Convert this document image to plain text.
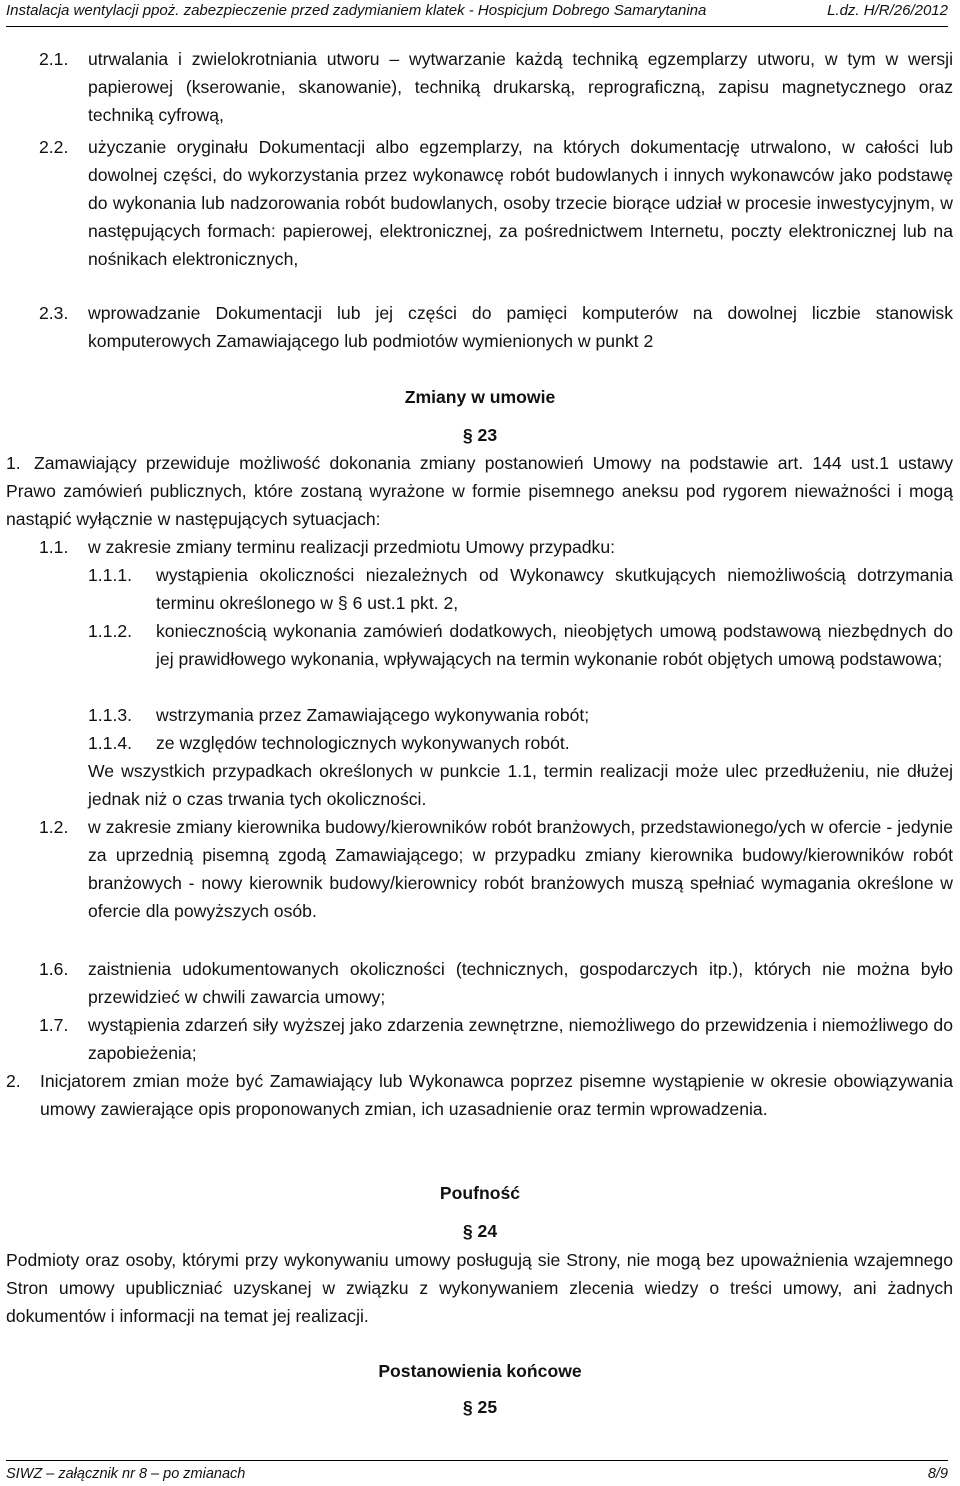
Instalacja wentylacji ppoż. zabezpieczenie przed zadymianiem klatek - Hospicjum Dobrego Samarytanina	L.dz. H/R/26/2012
2.1. utrwalania i zwielokrotniania utworu – wytwarzanie każdą techniką egzemplarzy utworu, w tym w wersji papierowej (kserowanie, skanowanie), techniką drukarską, reprograficzną, zapisu magnetycznego oraz techniką cyfrową,
2.2. użyczanie oryginału Dokumentacji albo egzemplarzy, na których dokumentację utrwalono, w całości lub dowolnej części, do wykorzystania przez wykonawcę robót budowlanych i innych wykonawców jako podstawę do wykonania lub nadzorowania robót budowlanych, osoby trzecie biorące udział w procesie inwestycyjnym, w następujących formach: papierowej, elektronicznej, za pośrednictwem Internetu, poczty elektronicznej lub na nośnikach elektronicznych,
2.3. wprowadzanie Dokumentacji lub jej części do pamięci komputerów na dowolnej liczbie stanowisk komputerowych Zamawiającego lub podmiotów wymienionych w punkt 2
Zmiany w umowie
§ 23
1. Zamawiający przewiduje możliwość dokonania zmiany postanowień Umowy na podstawie art. 144 ust.1 ustawy Prawo zamówień publicznych, które zostaną wyrażone w formie pisemnego aneksu pod rygorem nieważności i mogą nastąpić wyłącznie w następujących sytuacjach:
1.1. w zakresie zmiany terminu realizacji przedmiotu Umowy przypadku:
1.1.1. wystąpienia okoliczności niezależnych od Wykonawcy skutkujących niemożliwością dotrzymania terminu określonego w § 6 ust.1 pkt. 2,
1.1.2. koniecznością wykonania zamówień dodatkowych, nieobjętych umową podstawową niezbędnych do jej prawidłowego wykonania, wpływających na termin wykonanie robót objętych umową podstawowa;
1.1.3. wstrzymania przez Zamawiającego wykonywania robót;
1.1.4. ze względów technologicznych wykonywanych robót.
We wszystkich przypadkach określonych w punkcie 1.1, termin realizacji może ulec przedłużeniu, nie dłużej jednak niż o czas trwania tych okoliczności.
1.2. w zakresie zmiany kierownika budowy/kierowników robót branżowych, przedstawionego/ych w ofercie - jedynie za uprzednią pisemną zgodą Zamawiającego; w przypadku zmiany kierownika budowy/kierowników robót branżowych - nowy kierownik budowy/kierownicy robót branżowych muszą spełniać wymagania określone w ofercie dla powyższych osób.
1.6. zaistnienia udokumentowanych okoliczności (technicznych, gospodarczych itp.), których nie można było przewidzieć w chwili zawarcia umowy;
1.7. wystąpienia zdarzeń siły wyższej jako zdarzenia zewnętrzne, niemożliwego do przewidzenia i niemożliwego do zapobieżenia;
2. Inicjatorem zmian może być Zamawiający lub Wykonawca poprzez pisemne wystąpienie w okresie obowiązywania umowy zawierające opis proponowanych zmian, ich uzasadnienie oraz termin wprowadzenia.
Poufność
§ 24
Podmioty oraz osoby, którymi przy wykonywaniu umowy posługują sie Strony, nie mogą bez upoważnienia wzajemnego Stron umowy upubliczniać uzyskanej w związku z wykonywaniem zlecenia wiedzy o treści umowy, ani żadnych dokumentów i informacji na temat jej realizacji.
Postanowienia końcowe
§ 25
SIWZ – załącznik nr 8 – po zmianach	8/9
